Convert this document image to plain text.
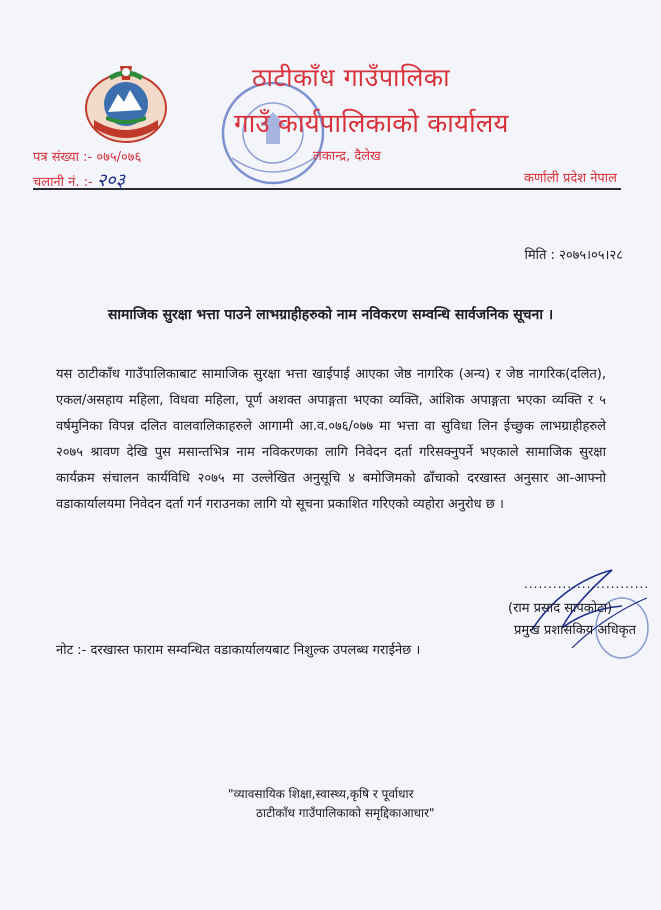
ठाटीकाँध गाउँपालिका
गाउँ कार्यपालिकाको कार्यालय
लकान्द्र, दैलेख
पत्र संख्या :- ०७५/०७६
चलानी नं. :- २०३	कर्णाली प्रदेश नेपाल
मिति : २०७५।०५।२८
सामाजिक सुरक्षा भत्ता पाउने लाभग्राहीहरुको नाम नविकरण सम्वन्धि सार्वजनिक सूचना ।
यस ठाटीकाँध गाउँपालिकाबाट सामाजिक सुरक्षा भत्ता खाईपाई आएका जेष्ठ नागरिक (अन्य) र जेष्ठ नागरिक(दलित), एकल/असहाय महिला, विधवा महिला, पूर्ण अशक्त अपाङ्गता भएका व्यक्ति, आंशिक अपाङ्गता भएका व्यक्ति र ५ वर्षमुनिका विपन्न दलित वालवालिकाहरुले आगामी आ.व.०७६/०७७ मा भत्ता वा सुविधा लिन ईच्छुक लाभग्राहीहरुले २०७५ श्रावण देखि पुस मसान्तभित्र नाम नविकरणका लागि निवेदन दर्ता गरिसक्नुपर्ने भएकाले सामाजिक सुरक्षा कार्यक्रम संचालन कार्यविधि २०७५ मा उल्लेखित अनुसूचि ४ बमोजिमको ढाँचाको दरखास्त अनुसार आ-आफ्नो वडाकार्यालयमा निवेदन दर्ता गर्न गराउनका लागि यो सूचना प्रकाशित गरिएको व्यहोरा अनुरोध छ ।
..........................
(राम प्रसाद सापकोटा)
प्रमुख प्रशासकिय अधिकृत
नोट :- दरखास्त फाराम सम्वन्धित वडाकार्यालयबाट निशुल्क उपलब्ध गराईनेछ ।
"व्यावसायिक शिक्षा,स्वास्थ्य,कृषि र पूर्वाधार
ठाटीकाँध गाउँपालिकाको समृद्दिकाआधार"
